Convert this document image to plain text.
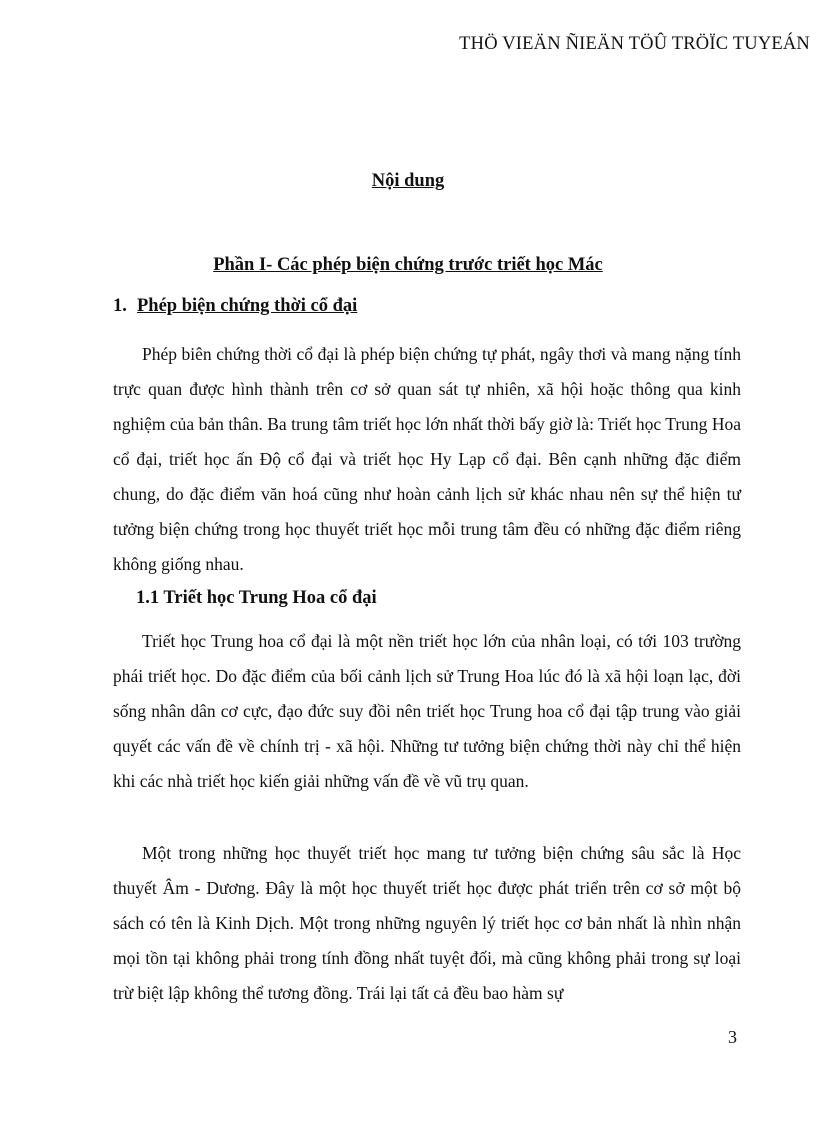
THÖ VIEÄN ÑIEÄN TÖÛ TRÖÏC TUYEÁN
Nội dung
Phần I- Các phép biện chứng trước triết học Mác
1. Phép biện chứng thời cổ đại

Phép biên chứng thời cổ đại là phép biện chứng tự phát, ngây thơi và mang nặng tính trực quan được hình thành trên cơ sở quan sát tự nhiên, xã hội hoặc thông qua kinh nghiệm của bản thân. Ba trung tâm triết học lớn nhất thời bấy giờ là: Triết học Trung Hoa cổ đại, triết học ấn Độ cổ đại và triết học Hy Lạp cổ đại. Bên cạnh những đặc điểm chung, do đặc điểm văn hoá cũng như hoàn cảnh lịch sử khác nhau nên sự thể hiện tư tưởng biện chứng trong học thuyết triết học mỗi trung tâm đều có những đặc điểm riêng không giống nhau.

1.1 Triết học Trung Hoa cổ đại

Triết học Trung hoa cổ đại là một nền triết học lớn của nhân loại, có tới 103 trường phái triết học. Do đặc điểm của bối cảnh lịch sử Trung Hoa lúc đó là xã hội loạn lạc, đời sống nhân dân cơ cực, đạo đức suy đồi nên triết học Trung hoa cổ đại tập trung vào giải quyết các vấn đề về chính trị - xã hội. Những tư tưởng biện chứng thời này chỉ thể hiện khi các nhà triết học kiến giải những vấn đề về vũ trụ quan.

Một trong những học thuyết triết học mang tư tưởng biện chứng sâu sắc là Học thuyết Âm - Dương. Đây là một học thuyết triết học được phát triển trên cơ sở một bộ sách có tên là Kinh Dịch. Một trong những nguyên lý triết học cơ bản nhất là nhìn nhận mọi tồn tại không phải trong tính đồng nhất tuyệt đối, mà cũng không phải trong sự loại trừ biệt lập không thể tương đồng. Trái lại tất cả đều bao hàm sự

3
